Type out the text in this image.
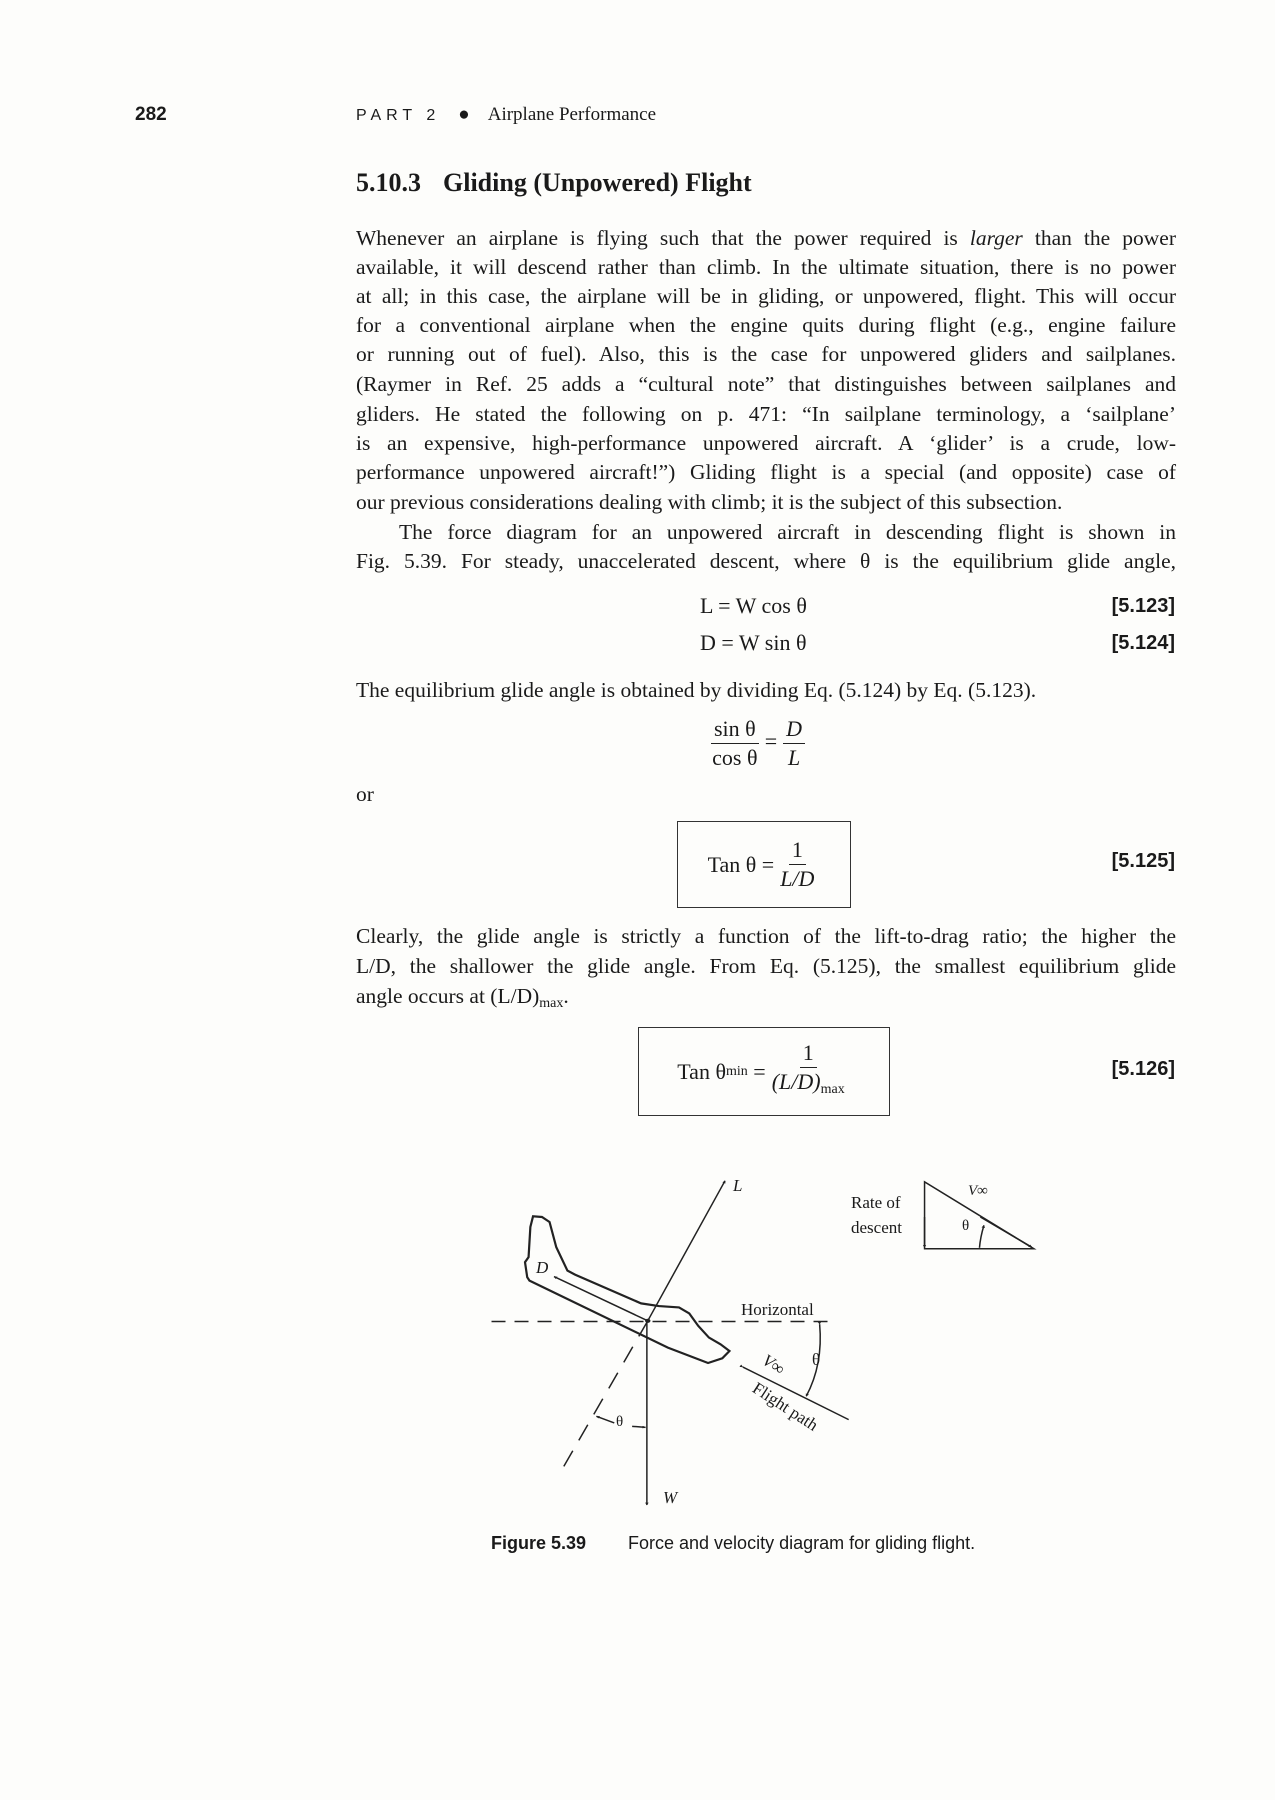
282	PART 2 ● Airplane Performance
5.10.3 Gliding (Unpowered) Flight
Whenever an airplane is flying such that the power required is larger than the power
available, it will descend rather than climb. In the ultimate situation, there is no power
at all; in this case, the airplane will be in gliding, or unpowered, flight. This will occur
for a conventional airplane when the engine quits during flight (e.g., engine failure
or running out of fuel). Also, this is the case for unpowered gliders and sailplanes.
(Raymer in Ref. 25 adds a “cultural note” that distinguishes between sailplanes and
gliders. He stated the following on p. 471: “In sailplane terminology, a ‘sailplane’
is an expensive, high-performance unpowered aircraft. A ‘glider’ is a crude, low-
performance unpowered aircraft!”) Gliding flight is a special (and opposite) case of
our previous considerations dealing with climb; it is the subject of this subsection.
The force diagram for an unpowered aircraft in descending flight is shown in
Fig. 5.39. For steady, unaccelerated descent, where θ is the equilibrium glide angle,
L = W cos θ	[5.123]
D = W sin θ	[5.124]
The equilibrium glide angle is obtained by dividing Eq. (5.124) by Eq. (5.123).
$\frac{\text{sin θ}}{\text{cos θ}} = \frac{D}{L}$
or
Tan $\theta = \frac{1}{L/D}$	[5.125]
Clearly, the glide angle is strictly a function of the lift-to-drag ratio; the higher the
L/D, the shallower the glide angle. From Eq. (5.125), the smallest equilibrium glide
angle occurs at $(L/D)_{max}$.
Tan θ min
= $\frac{1}{(L/D)_{max}}$	[5.126]
L
D
W
Horizontal
θ
V∞
Flight path
θ
Rate of
descent
V∞
θ
Figure 5.39 Force and velocity diagram for gliding flight.
